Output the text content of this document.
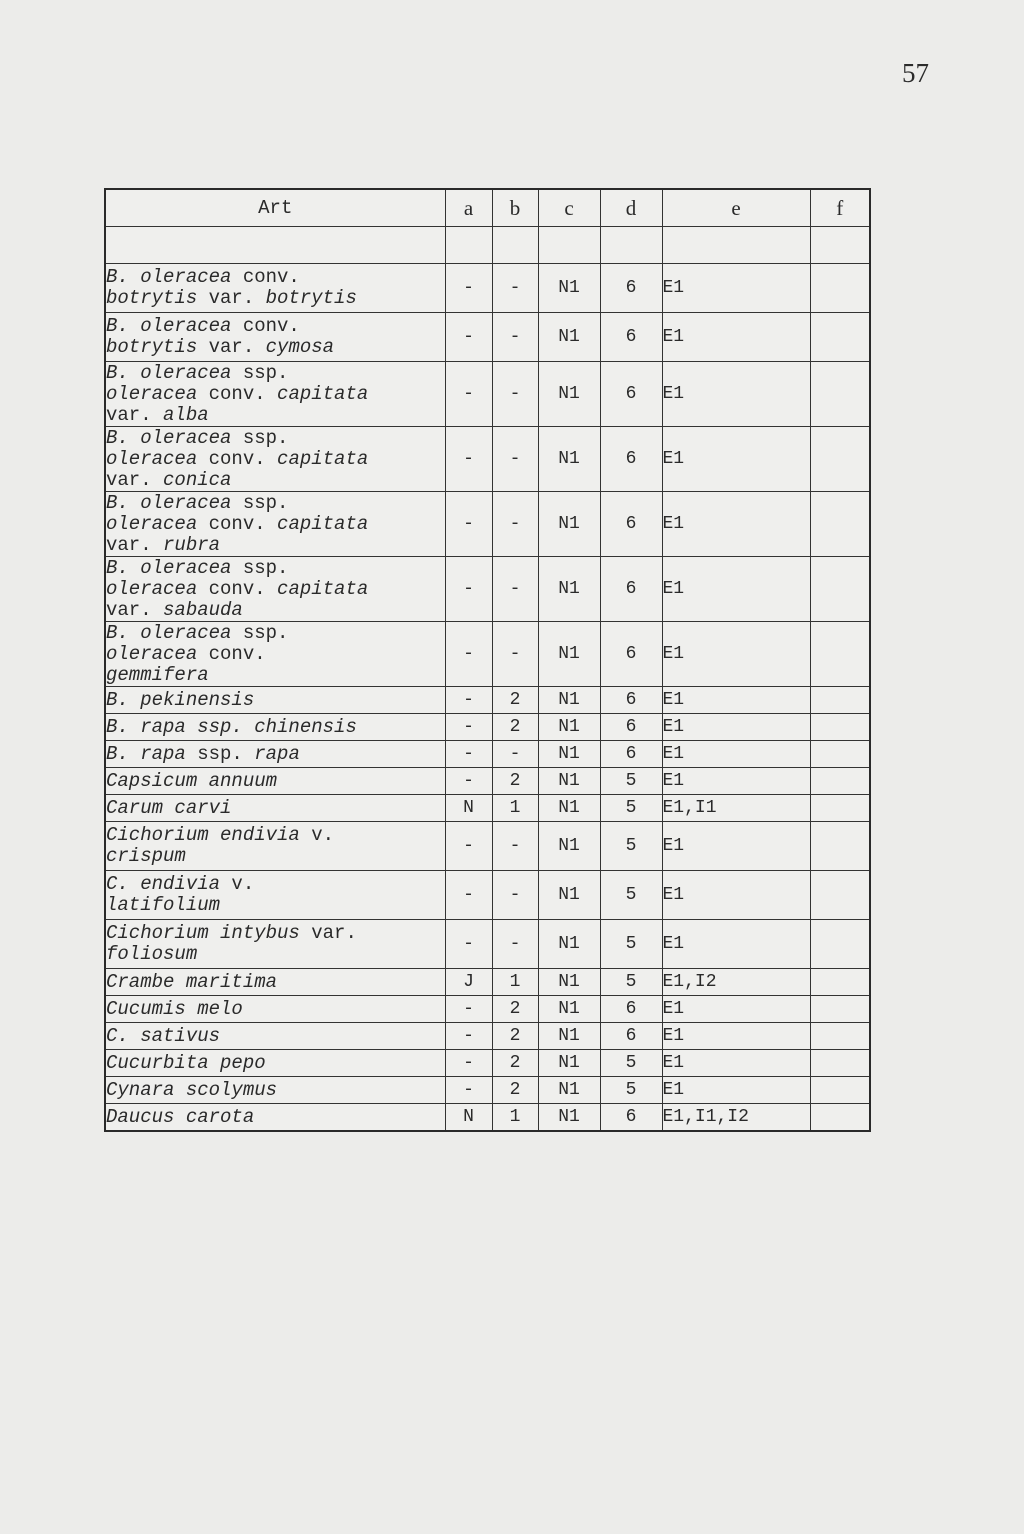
57
Art	a	b	c	d	e	f

B. oleracea conv.
botrytis var. botrytis	-	-	N1	6	E1	

B. oleracea conv.
botrytis var. cymosa	-	-	N1	6	E1	

B. oleracea ssp.
oleracea conv. capitata
var. alba	-	-	N1	6	E1	

B. oleracea ssp.
oleracea conv. capitata
var. conica	-	-	N1	6	E1	

B. oleracea ssp.
oleracea conv. capitata
var. rubra	-	-	N1	6	E1	

B. oleracea ssp.
oleracea conv. capitata
var. sabauda	-	-	N1	6	E1	

B. oleracea ssp.
oleracea conv.
gemmifera	-	-	N1	6	E1	

B. pekinensis	-	2	N1	6	E1	

B. rapa ssp. chinensis	-	2	N1	6	E1	

B. rapa ssp. rapa	-	-	N1	6	E1	

Capsicum annuum	-	2	N1	5	E1	

Carum carvi	N	1	N1	5	E1,I1	

Cichorium endivia v.
crispum	-	-	N1	5	E1	

C. endivia v.
latifolium	-	-	N1	5	E1	

Cichorium intybus var.
foliosum	-	-	N1	5	E1	

Crambe maritima	J	1	N1	5	E1,I2	

Cucumis melo	-	2	N1	6	E1	

C. sativus	-	2	N1	6	E1	

Cucurbita pepo	-	2	N1	5	E1	

Cynara scolymus	-	2	N1	5	E1	

Daucus carota	N	1	N1	6	E1,I1,I2	
